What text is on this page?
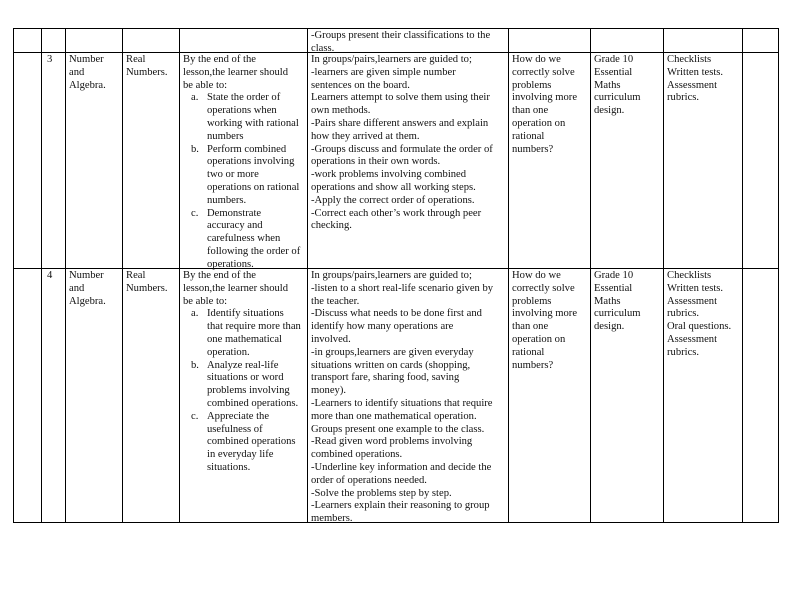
-Groups present their classifications to the
class.
3 Number
and
Algebra.
Real
Numbers.
By the end of the
lesson,the learner should
be able to:
a. State the order of
operations when
working with rational
numbers
b. Perform combined
operations involving
two or more
operations on rational
numbers.
c. Demonstrate
accuracy and
carefulness when
following the order of
operations.
In groups/pairs,learners are guided to;
-learners are given simple number
sentences on the board.
Learners attempt to solve them using their
own methods.
-Pairs share different answers and explain
how they arrived at them.
-Groups discuss and formulate the order of
operations in their own words.
-work problems involving combined
operations and show all working steps.
-Apply the correct order of operations.
-Correct each other’s work through peer
checking.
How do we
correctly solve
problems
involving more
than one
operation on
rational
numbers?
Grade 10
Essential
Maths
curriculum
design.
Checklists
Written tests.
Assessment
rubrics.
4 Number
and
Algebra.
Real
Numbers.
By the end of the
lesson,the learner should
be able to:
a. Identify situations
that require more than
one mathematical
operation.
b. Analyze real-life
situations or word
problems involving
combined operations.
c. Appreciate the
usefulness of
combined operations
in everyday life
situations.
In groups/pairs,learners are guided to;
-listen to a short real-life scenario given by
the teacher.
-Discuss what needs to be done first and
identify how many operations are
involved.
-in groups,learners are given everyday
situations written on cards (shopping,
transport fare, sharing food, saving
money).
-Learners to identify situations that require
more than one mathematical operation.
Groups present one example to the class.
-Read given word problems involving
combined operations.
-Underline key information and decide the
order of operations needed.
-Solve the problems step by step.
-Learners explain their reasoning to group
members.
How do we
correctly solve
problems
involving more
than one
operation on
rational
numbers?
Grade 10
Essential
Maths
curriculum
design.
Checklists
Written tests.
Assessment
rubrics.
Oral questions.
Assessment
rubrics.
